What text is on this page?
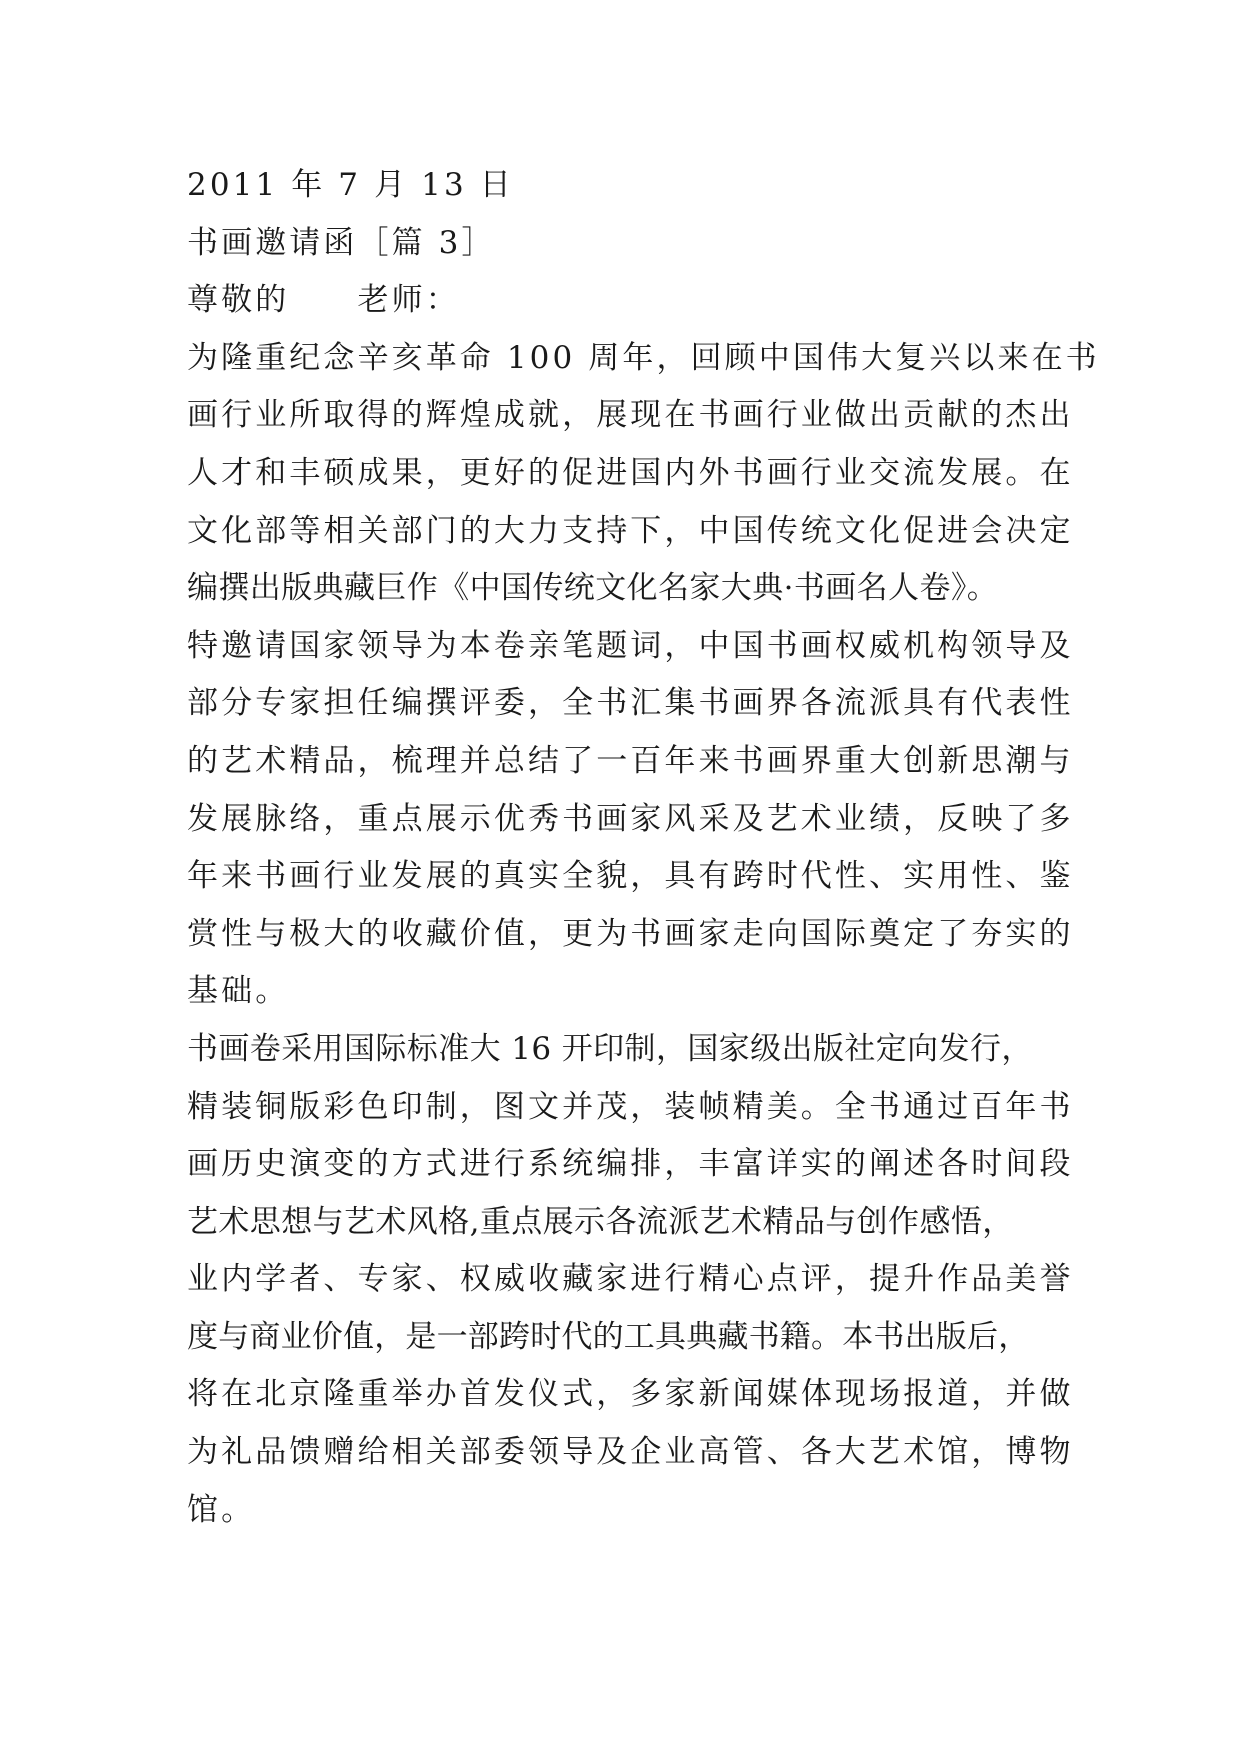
2011 年 7 月 13 日
书画邀请函［篇 3］
尊敬的　　老师：
为隆重纪念辛亥革命 100 周年，回顾中国伟大复兴以来在书
画行业所取得的辉煌成就，展现在书画行业做出贡献的杰出
人才和丰硕成果，更好的促进国内外书画行业交流发展。在
文化部等相关部门的大力支持下，中国传统文化促进会决定
编撰出版典藏巨作《中国传统文化名家大典·书画名人卷》。
特邀请国家领导为本卷亲笔题词，中国书画权威机构领导及
部分专家担任编撰评委，全书汇集书画界各流派具有代表性
的艺术精品，梳理并总结了一百年来书画界重大创新思潮与
发展脉络，重点展示优秀书画家风采及艺术业绩，反映了多
年来书画行业发展的真实全貌，具有跨时代性、实用性、鉴
赏性与极大的收藏价值，更为书画家走向国际奠定了夯实的
基础。
书画卷采用国际标准大 16 开印制，国家级出版社定向发行，
精装铜版彩色印制，图文并茂，装帧精美。全书通过百年书
画历史演变的方式进行系统编排，丰富详实的阐述各时间段
艺术思想与艺术风格,重点展示各流派艺术精品与创作感悟，
业内学者、专家、权威收藏家进行精心点评，提升作品美誉
度与商业价值，是一部跨时代的工具典藏书籍。本书出版后，
将在北京隆重举办首发仪式，多家新闻媒体现场报道，并做
为礼品馈赠给相关部委领导及企业高管、各大艺术馆，博物
馆。
